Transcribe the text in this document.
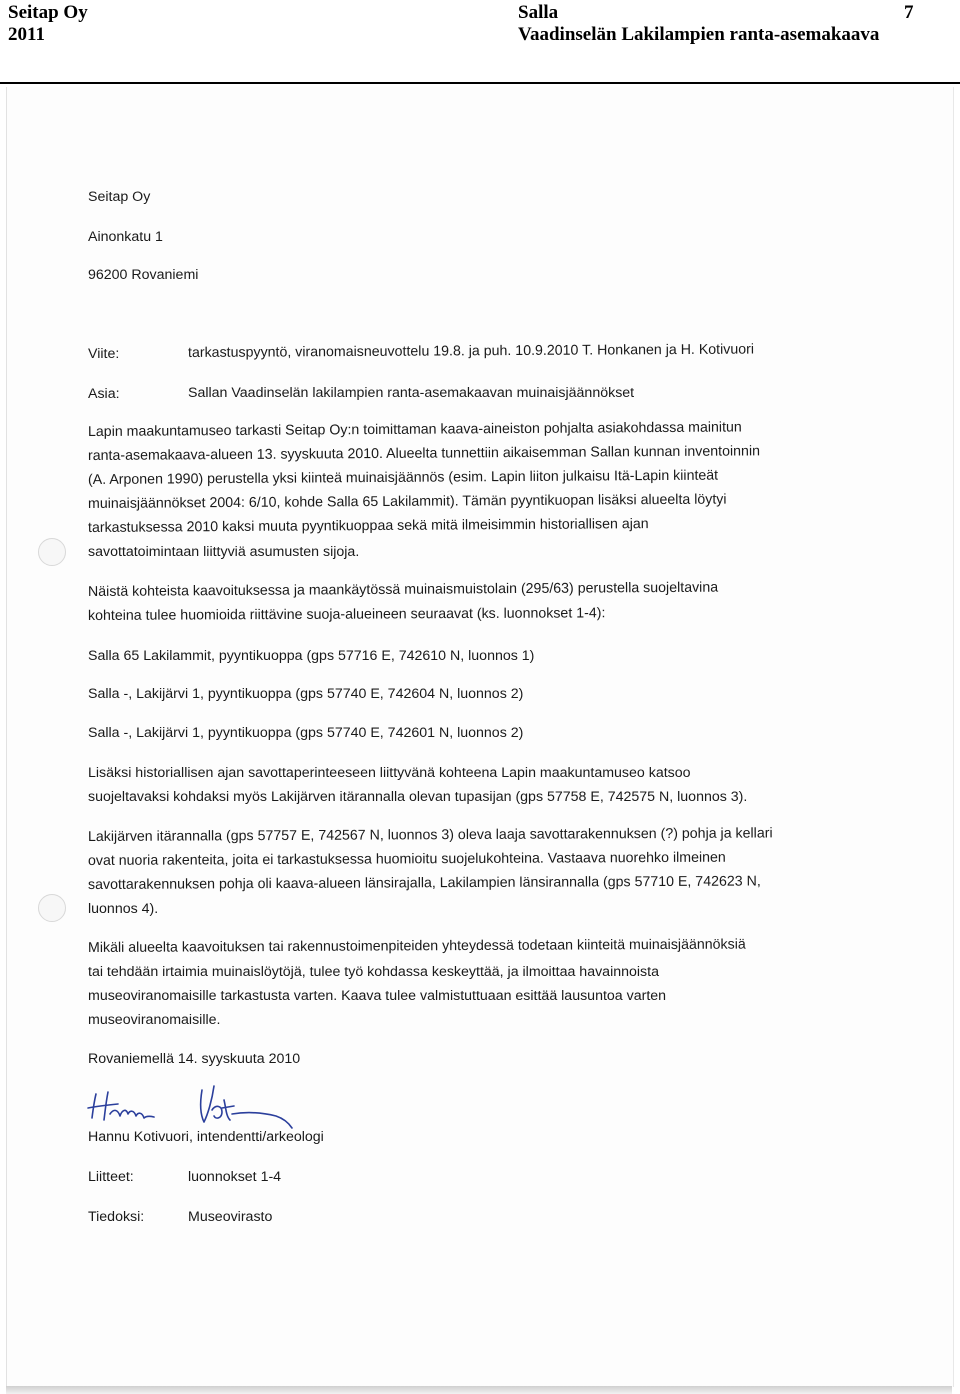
Seitap Oy
2011
Salla
Vaadinselän Lakilampien ranta-asemakaava
7
Seitap Oy
Ainonkatu 1
96200 Rovaniemi
Viite:	tarkastuspyyntö, viranomaisneuvottelu 19.8. ja puh. 10.9.2010 T. Honkanen ja H. Kotivuori
Asia:	Sallan Vaadinselän lakilampien ranta-asemakaavan muinaisjäännökset
Lapin maakuntamuseo tarkasti Seitap Oy:n toimittaman kaava-aineiston pohjalta asiakohdassa mainitun
ranta-asemakaava-alueen 13. syyskuuta 2010. Alueelta tunnettiin aikaisemman Sallan kunnan inventoinnin
(A. Arponen 1990) perustella yksi kiinteä muinaisjäännös (esim. Lapin liiton julkaisu Itä-Lapin kiinteät
muinaisjäännökset 2004: 6/10, kohde Salla 65 Lakilammit). Tämän pyyntikuopan lisäksi alueelta löytyi
tarkastuksessa 2010 kaksi muuta pyyntikuoppaa sekä mitä ilmeisimmin historiallisen ajan
savottatoimintaan liittyviä asumusten sijoja.
Näistä kohteista kaavoituksessa ja maankäytössä muinaismuistolain (295/63) perustella suojeltavina
kohteina tulee huomioida riittävine suoja-alueineen seuraavat (ks. luonnokset 1-4):
Salla 65 Lakilammit, pyyntikuoppa (gps 57716 E, 742610 N, luonnos 1)
Salla -, Lakijärvi 1, pyyntikuoppa (gps 57740 E, 742604 N, luonnos 2)
Salla -, Lakijärvi 1, pyyntikuoppa (gps 57740 E, 742601 N, luonnos 2)
Lisäksi historiallisen ajan savottaperinteeseen liittyvänä kohteena Lapin maakuntamuseo katsoo
suojeltavaksi kohdaksi myös Lakijärven itärannalla olevan tupasijan (gps 57758 E, 742575 N, luonnos 3).
Lakijärven itärannalla (gps 57757 E, 742567 N, luonnos 3) oleva laaja savottarakennuksen (?) pohja ja kellari
ovat nuoria rakenteita, joita ei tarkastuksessa huomioitu suojelukohteina. Vastaava nuorehko ilmeinen
savottarakennuksen pohja oli kaava-alueen länsirajalla, Lakilampien länsirannalla (gps 57710 E, 742623 N,
luonnos 4).
Mikäli alueelta kaavoituksen tai rakennustoimenpiteiden yhteydessä todetaan kiinteitä muinaisjäännöksiä
tai tehdään irtaimia muinaislöytöjä, tulee työ kohdassa keskeyttää, ja ilmoittaa havainnoista
museoviranomaisille tarkastusta varten. Kaava tulee valmistuttuaan esittää lausuntoa varten
museoviranomaisille.
Rovaniemellä 14. syyskuuta 2010
Hannu Kotivuori, intendentti/arkeologi
Liitteet:	luonnokset 1-4
Tiedoksi:	Museovirasto
